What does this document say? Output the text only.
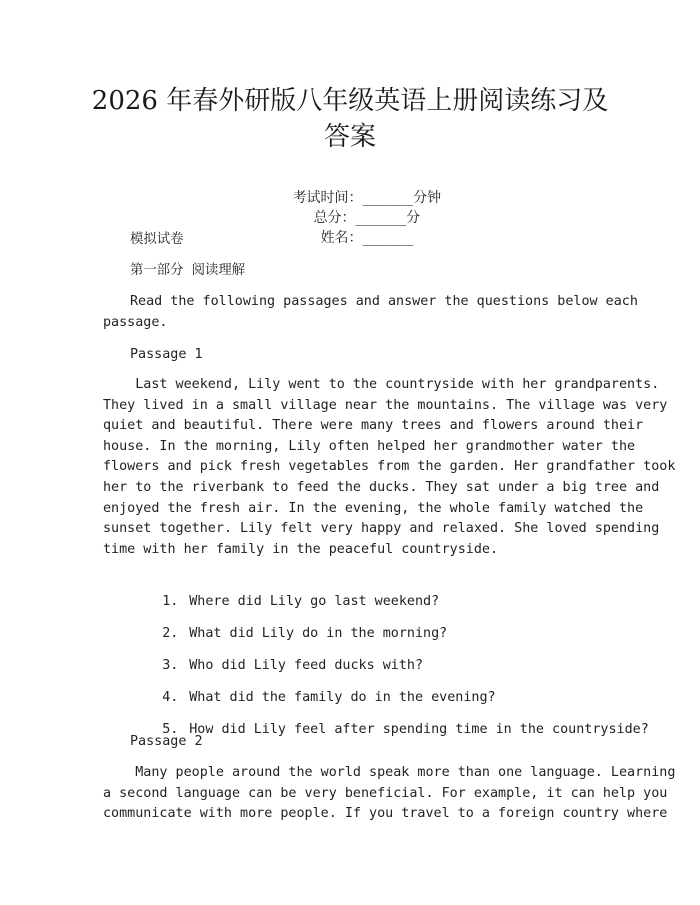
2026 年春外研版八年级英语上册阅读练习及
答案

考试时间：______分钟
总分：______分
姓名：______

模拟试卷
第一部分 阅读理解
Read the following passages and answer the questions below each
passage.
Passage 1
Last weekend, Lily went to the countryside with her grandparents.
They lived in a small village near the mountains. The village was very
quiet and beautiful. There were many trees and flowers around their
house. In the morning, Lily often helped her grandmother water the
flowers and pick fresh vegetables from the garden. Her grandfather took
her to the riverbank to feed the ducks. They sat under a big tree and
enjoyed the fresh air. In the evening, the whole family watched the
sunset together. Lily felt very happy and relaxed. She loved spending
time with her family in the peaceful countryside.

1. Where did Lily go last weekend?

2. What did Lily do in the morning?

3. Who did Lily feed ducks with?

4. What did the family do in the evening?

5. How did Lily feel after spending time in the countryside?

Passage 2
Many people around the world speak more than one language. Learning
a second language can be very beneficial. For example, it can help you
communicate with more people. If you travel to a foreign country where
